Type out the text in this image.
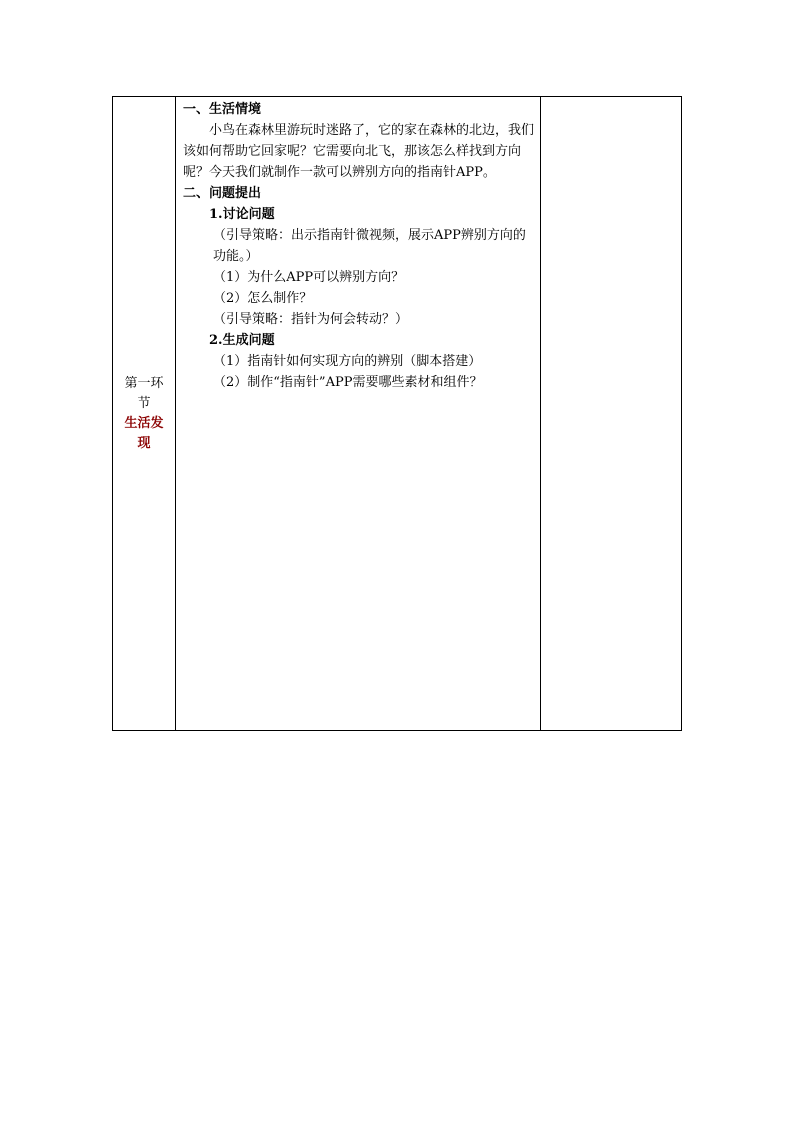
第一环节
生活发现

一、生活情境

小鸟在森林里游玩时迷路了，它的家在森林的北边，我们该如何帮助它回家呢？它需要向北飞，那该怎么样找到方向呢？今天我们就制作一款可以辨别方向的指南针APP。

二、问题提出

1.讨论问题

（引导策略：出示指南针微视频，展示APP辨别方向的功能。）

（1）为什么APP可以辨别方向？

（2）怎么制作？

（引导策略：指针为何会转动？）

2.生成问题

（1）指南针如何实现方向的辨别（脚本搭建）

（2）制作“指南针”APP需要哪些素材和组件？
